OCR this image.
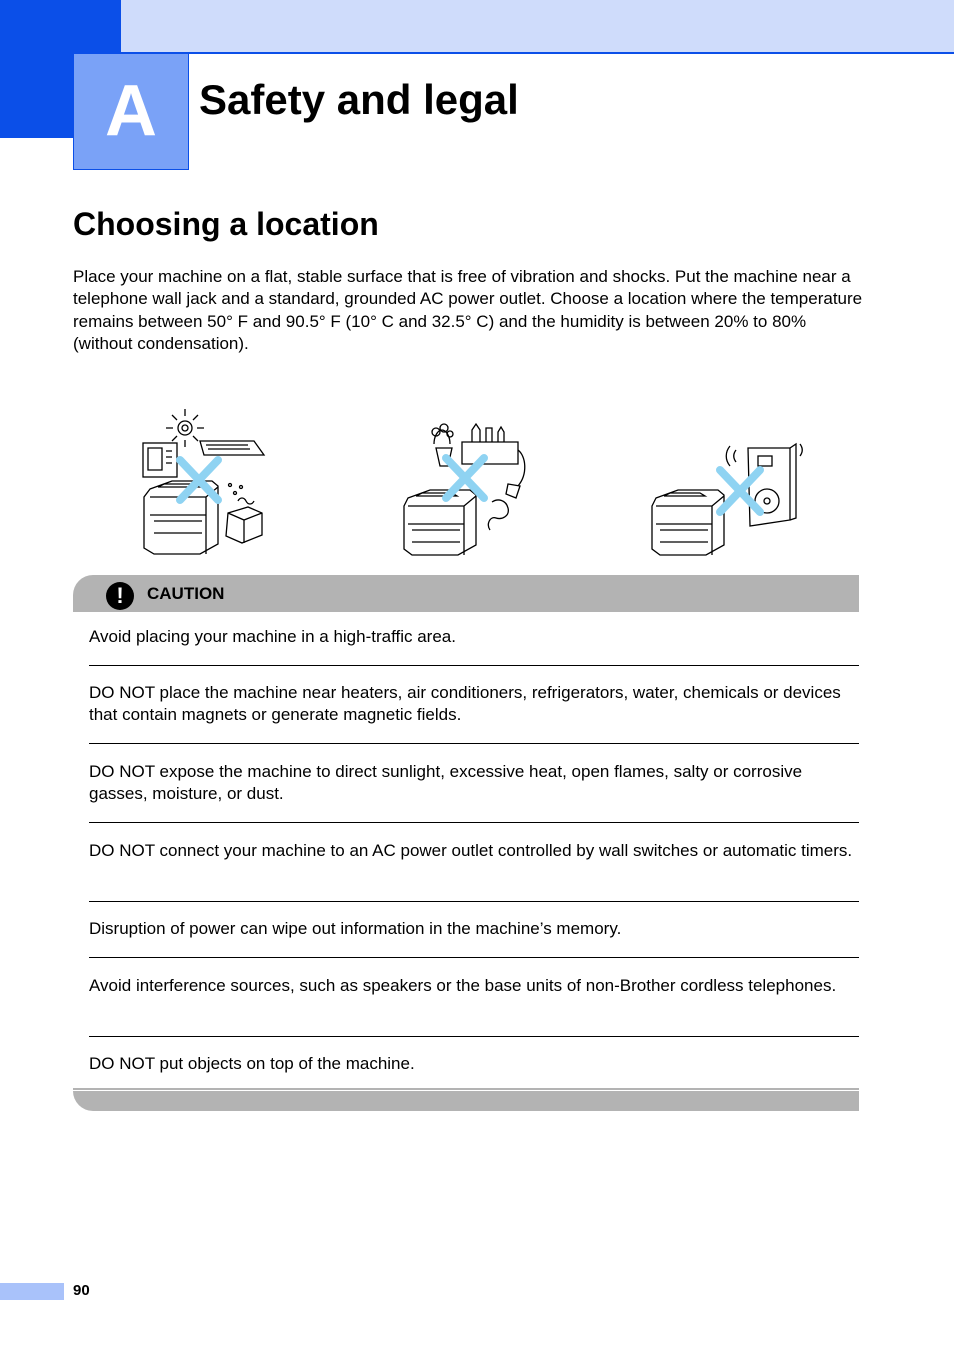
A	Safety and legal
Choosing a location

Place your machine on a flat, stable surface that is free of vibration and shocks. Put the machine near a telephone wall jack and a standard, grounded AC power outlet. Choose a location where the temperature remains between 50° F and 90.5° F (10° C and 32.5° C) and the humidity is between 20% to 80% (without condensation).

!	CAUTION

Avoid placing your machine in a high-traffic area.

DO NOT place the machine near heaters, air conditioners, refrigerators, water, chemicals or devices that contain magnets or generate magnetic fields.

DO NOT expose the machine to direct sunlight, excessive heat, open flames, salty or corrosive gasses, moisture, or dust.

DO NOT connect your machine to an AC power outlet controlled by wall switches or automatic timers.

Disruption of power can wipe out information in the machine’s memory.

Avoid interference sources, such as speakers or the base units of non-Brother cordless telephones.

DO NOT put objects on top of the machine.

90
